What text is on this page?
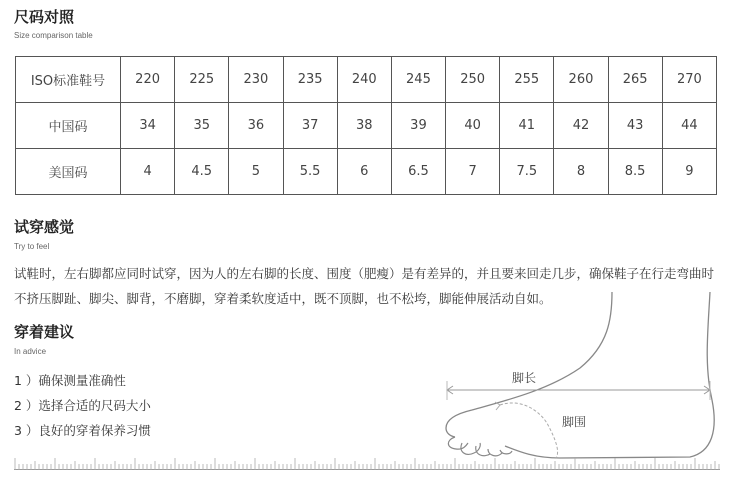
尺码对照
Size comparison table
ISO标准鞋号	220	225	230	235	240	245	250	255	260	265	270
中国码	34	35	36	37	38	39	40	41	42	43	44
美国码	4	4.5	5	5.5	6	6.5	7	7.5	8	8.5	9
试穿感觉
Try to feel
试鞋时，左右脚都应同时试穿，因为人的左右脚的长度、围度（肥瘦）是有差异的，并且要来回走几步，确保鞋子在行走弯曲时
不挤压脚趾、脚尖、脚背，不磨脚，穿着柔软度适中，既不顶脚，也不松垮，脚能伸展活动自如。
穿着建议
In advice
1 ）确保测量准确性
2 ）选择合适的尺码大小
3 ）良好的穿着保养习惯
脚长
脚围
